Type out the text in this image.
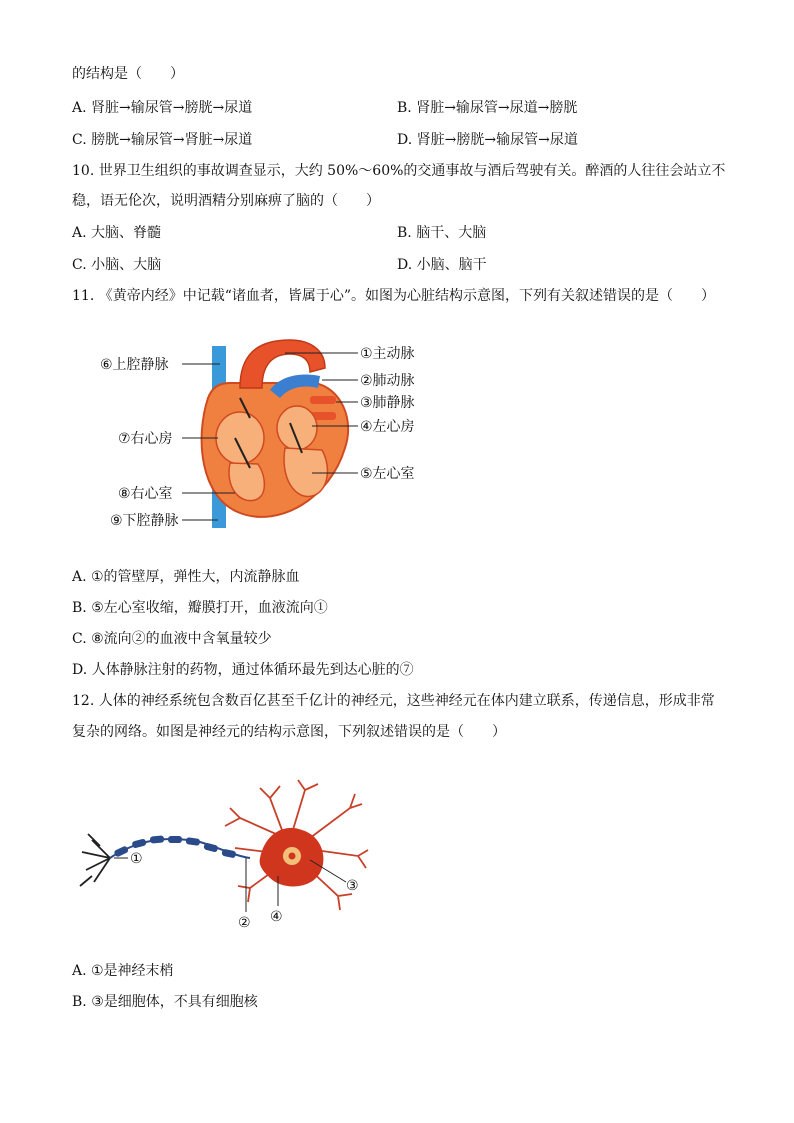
的结构是（　　）
A. 肾脏→输尿管→膀胱→尿道	B. 肾脏→输尿管→尿道→膀胱
C. 膀胱→输尿管→肾脏→尿道	D. 肾脏→膀胱→输尿管→尿道
10. 世界卫生组织的事故调查显示，大约 50%～60%的交通事故与酒后驾驶有关。醉酒的人往往会站立不
稳，语无伦次，说明酒精分别麻痹了脑的（　　）
A. 大脑、脊髓	B. 脑干、大脑
C. 小脑、大脑	D. 小脑、脑干
11. 《黄帝内经》中记载“诸血者，皆属于心”。如图为心脏结构示意图，下列有关叙述错误的是（　　）
①主动脉
②肺动脉
③肺静脉
④左心房
⑤左心室
⑥上腔静脉
⑦右心房
⑧右心室
⑨下腔静脉
A. ①的管壁厚，弹性大，内流静脉血
B. ⑤左心室收缩，瓣膜打开，血液流向①
C. ⑧流向②的血液中含氧量较少
D. 人体静脉注射的药物，通过体循环最先到达心脏的⑦
12. 人体的神经系统包含数百亿甚至千亿计的神经元，这些神经元在体内建立联系，传递信息，形成非常
复杂的网络。如图是神经元的结构示意图，下列叙述错误的是（　　）
①
② ④
③
A. ①是神经末梢
B. ③是细胞体，不具有细胞核
